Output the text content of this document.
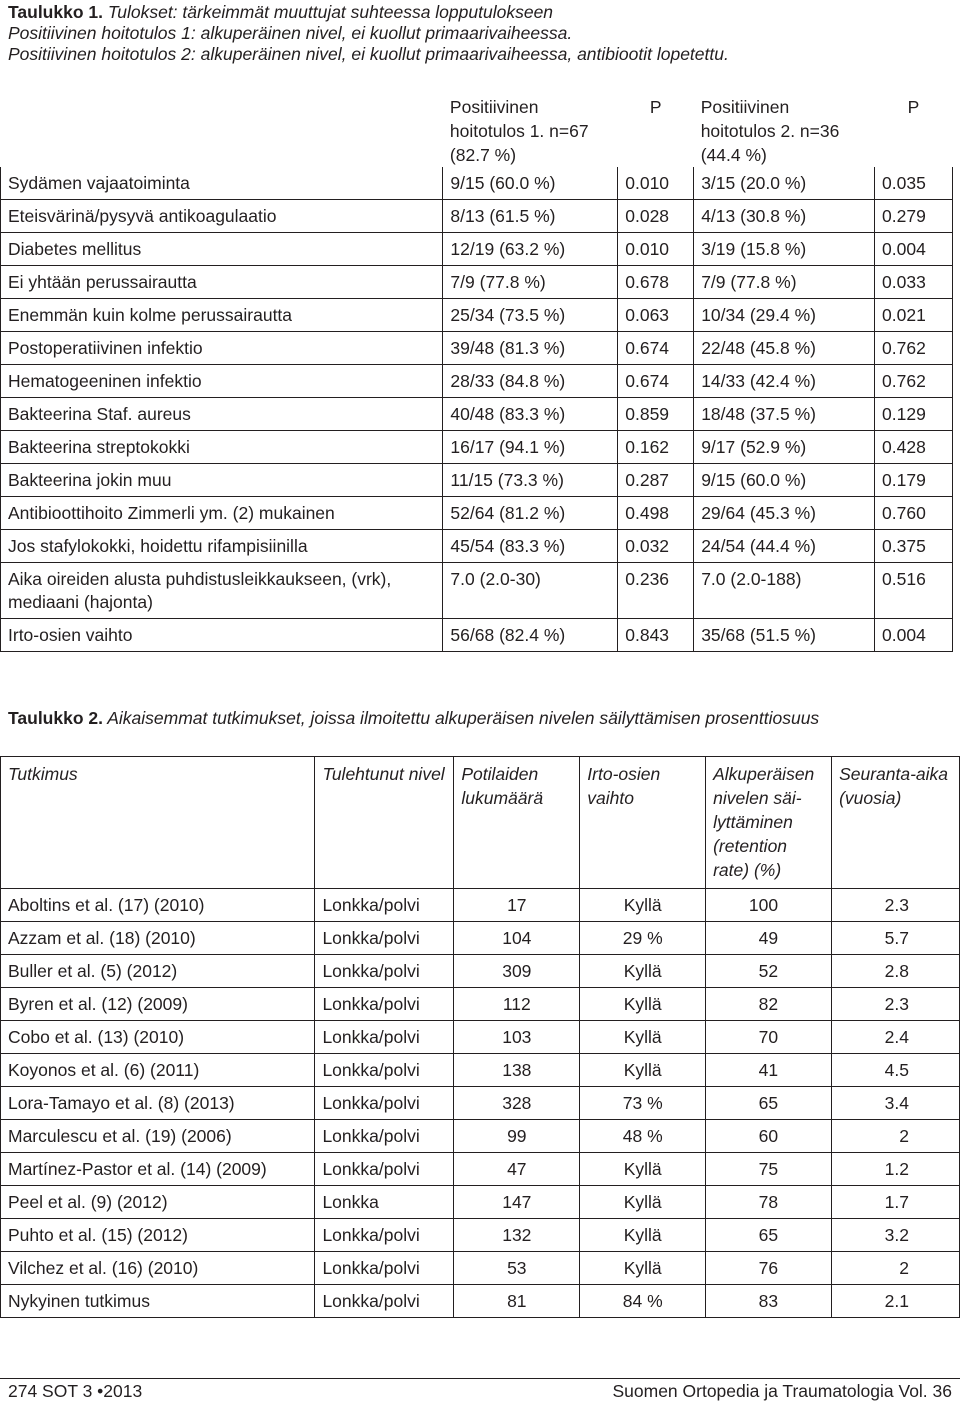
Taulukko 1. Tulokset: tärkeimmät muuttujat suhteessa lopputulokseen
Positiivinen hoitotulos 1: alkuperäinen nivel, ei kuollut primaarivaiheessa.
Positiivinen hoitotulos 2: alkuperäinen nivel, ei kuollut primaarivaiheessa, antibiootit lopetettu.
	Positiivinen hoitotulos 1. n=67 (82.7 %)	P	Positiivinen hoitotulos 2. n=36 (44.4 %)	P
Sydämen vajaatoiminta	9/15 (60.0 %)	0.010	3/15 (20.0 %)	0.035
Eteisvärinä/pysyvä antikoagulaatio	8/13 (61.5 %)	0.028	4/13 (30.8 %)	0.279
Diabetes mellitus	12/19 (63.2 %)	0.010	3/19 (15.8 %)	0.004
Ei yhtään perussairautta	7/9 (77.8 %)	0.678	7/9 (77.8 %)	0.033
Enemmän kuin kolme perussairautta	25/34 (73.5 %)	0.063	10/34 (29.4 %)	0.021
Postoperatiivinen infektio	39/48 (81.3 %)	0.674	22/48 (45.8 %)	0.762
Hematogeeninen infektio	28/33 (84.8 %)	0.674	14/33 (42.4 %)	0.762
Bakteerina Staf. aureus	40/48 (83.3 %)	0.859	18/48 (37.5 %)	0.129
Bakteerina streptokokki	16/17 (94.1 %)	0.162	9/17 (52.9 %)	0.428
Bakteerina jokin muu	11/15 (73.3 %)	0.287	9/15 (60.0 %)	0.179
Antibioottihoito Zimmerli ym. (2) mukainen	52/64 (81.2 %)	0.498	29/64 (45.3 %)	0.760
Jos stafylokokki, hoidettu rifampisiinilla	45/54 (83.3 %)	0.032	24/54 (44.4 %)	0.375
Aika oireiden alusta puhdistusleikkaukseen, (vrk), mediaani (hajonta)	7.0 (2.0-30)	0.236	7.0 (2.0-188)	0.516
Irto-osien vaihto	56/68 (82.4 %)	0.843	35/68 (51.5 %)	0.004
Taulukko 2. Aikaisemmat tutkimukset, joissa ilmoitettu alkuperäisen nivelen säilyttämisen prosenttiosuus
Tutkimus	Tulehtunut nivel	Potilaiden lukumäärä	Irto-osien vaihto	Alkuperäisen nivelen säi-lyttäminen (retention rate) (%)	Seuranta-aika (vuosia)
Aboltins et al. (17) (2010)	Lonkka/polvi	17	Kyllä	100	2.3
Azzam et al. (18) (2010)	Lonkka/polvi	104	29 %	49	5.7
Buller et al. (5) (2012)	Lonkka/polvi	309	Kyllä	52	2.8
Byren et al. (12) (2009)	Lonkka/polvi	112	Kyllä	82	2.3
Cobo et al. (13) (2010)	Lonkka/polvi	103	Kyllä	70	2.4
Koyonos et al. (6) (2011)	Lonkka/polvi	138	Kyllä	41	4.5
Lora-Tamayo et al. (8) (2013)	Lonkka/polvi	328	73 %	65	3.4
Marculescu et al. (19) (2006)	Lonkka/polvi	99	48 %	60	2
Martínez-Pastor et al. (14) (2009)	Lonkka/polvi	47	Kyllä	75	1.2
Peel et al. (9) (2012)	Lonkka	147	Kyllä	78	1.7
Puhto et al. (15) (2012)	Lonkka/polvi	132	Kyllä	65	3.2
Vilchez et al. (16) (2010)	Lonkka/polvi	53	Kyllä	76	2
Nykyinen tutkimus	Lonkka/polvi	81	84 %	83	2.1
274 SOT 3 •2013	Suomen Ortopedia ja Traumatologia Vol. 36
